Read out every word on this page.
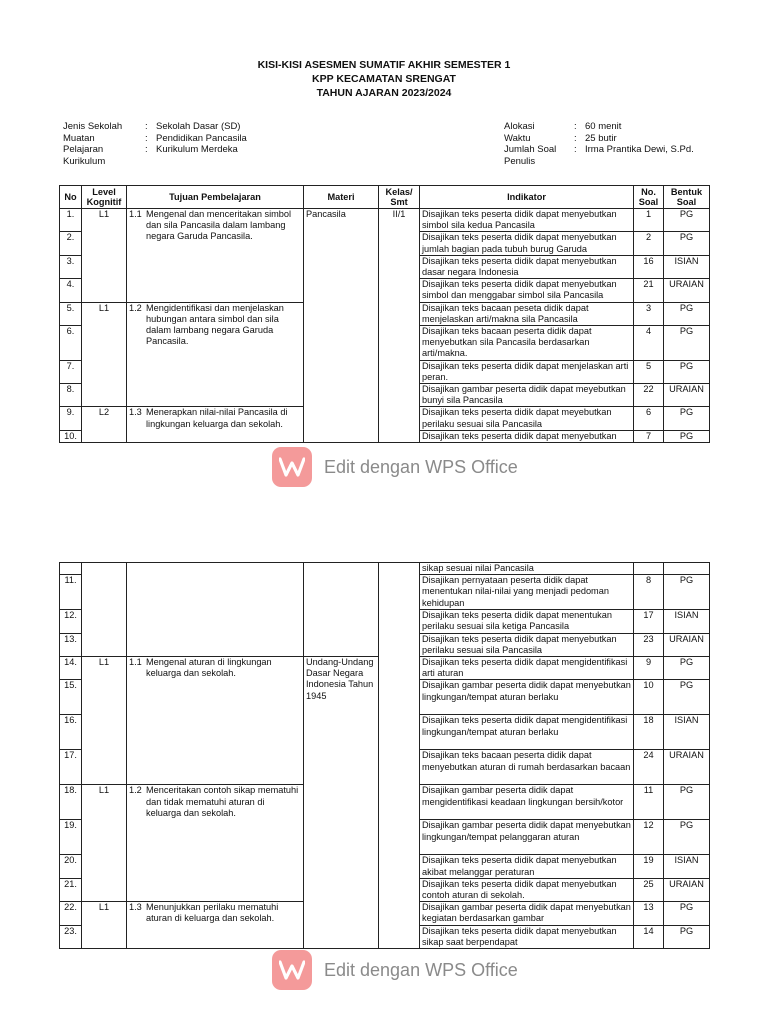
KISI-KISI ASESMEN SUMATIF AKHIR SEMESTER 1
KPP KECAMATAN SRENGAT
TAHUN AJARAN 2023/2024
Jenis Sekolah	: Sekolah Dasar (SD)
Muatan	: Pendidikan Pancasila
Pelajaran	: Kurikulum Merdeka
Kurikulum
Alokasi	: 60 menit
Waktu	: 25 butir
Jumlah Soal	: Irma Prantika Dewi, S.Pd.
Penulis
No	Level Kognitif	Tujuan Pembelajaran	Materi	Kelas/ Smt	Indikator	No. Soal	Bentuk Soal
1.	L1	1.1 Mengenal dan menceritakan simbol dan sila Pancasila dalam lambang negara Garuda Pancasila.	Pancasila	II/1	Disajikan teks peserta didik dapat menyebutkan simbol sila kedua Pancasila	1	PG
2.					Disajikan teks peserta didik dapat menyebutkan jumlah bagian pada tubuh burug Garuda	2	PG
3.					Disajikan teks peserta didik dapat menyebutkan dasar negara Indonesia	16	ISIAN
4.					Disajikan teks peserta didik dapat menyebutkan simbol dan menggabar simbol sila Pancasila	21	URAIAN
5.	L1	1.2 Mengidentifikasi dan menjelaskan hubungan antara simbol dan sila dalam lambang negara Garuda Pancasila.			Disajikan teks bacaan peseta didik dapat menjelaskan arti/makna sila Pancasila	3	PG
6.					Disajikan teks bacaan peserta didik dapat menyebutkan sila Pancasila berdasarkan arti/makna.	4	PG
7.					Disajikan teks peserta didik dapat menjelaskan arti peran.	5	PG
8.					Disajikan gambar peserta didik dapat meyebutkan bunyi sila Pancasila	22	URAIAN
9.	L2	1.3 Menerapkan nilai-nilai Pancasila di lingkungan keluarga dan sekolah.			Disajikan teks peserta didik dapat meyebutkan perilaku sesuai sila Pancasila	6	PG
10.					Disajikan teks peserta didik dapat menyebutkan	7	PG
Edit dengan WPS Office
					sikap sesuai nilai Pancasila		
11.					Disajikan pernyataan peserta didik dapat menentukan nilai-nilai yang menjadi pedoman kehidupan	8	PG
12.					Disajikan teks peserta didik dapat menentukan perilaku sesuai sila ketiga Pancasila	17	ISIAN
13.					Disajikan teks peserta didik dapat menyebutkan perilaku sesuai sila Pancasila	23	URAIAN
14.	L1	1.1 Mengenal aturan di lingkungan keluarga dan sekolah.	Undang-Undang Dasar Negara Indonesia Tahun 1945		Disajikan teks peserta didik dapat mengidentifikasi arti aturan	9	PG
15.					Disajikan gambar peserta didik dapat menyebutkan lingkungan/tempat aturan berlaku	10	PG
16.					Disajikan teks peserta didik dapat mengidentifikasi lingkungan/tempat aturan berlaku	18	ISIAN
17.					Disajikan teks bacaan peserta didik dapat menyebutkan aturan di rumah berdasarkan bacaan	24	URAIAN
18.	L1	1.2 Menceritakan contoh sikap mematuhi dan tidak mematuhi aturan di keluarga dan sekolah.			Disajikan gambar peserta didik dapat mengidentifikasi keadaan lingkungan bersih/kotor	11	PG
19.					Disajikan gambar peserta didik dapat menyebutkan lingkungan/tempat pelanggaran aturan	12	PG
20.					Disajikan teks peserta didik dapat menyebutkan akibat melanggar peraturan	19	ISIAN
21.					Disajikan teks peserta didik dapat menyebutkan contoh aturan di sekolah.	25	URAIAN
22.	L1	1.3 Menunjukkan perilaku mematuhi aturan di keluarga dan sekolah.			Disajikan gambar peserta didik dapat menyebutkan kegiatan berdasarkan gambar	13	PG
23.					Disajikan teks peserta didik dapat menyebutkan sikap saat berpendapat	14	PG
Edit dengan WPS Office
